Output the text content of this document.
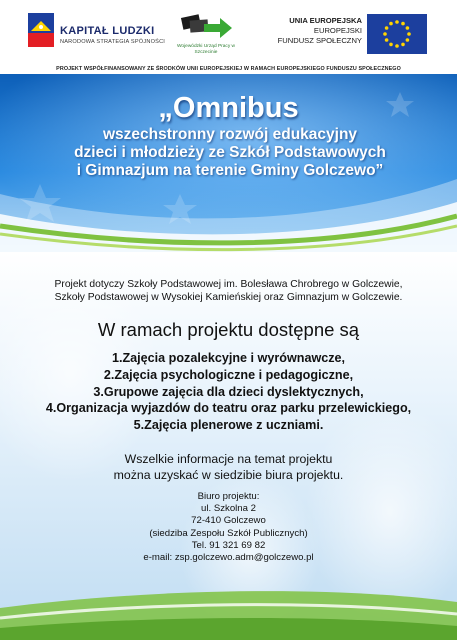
KAPITAŁ LUDZKI
NARODOWA STRATEGIA SPÓJNOŚCI
Wojewódzki Urząd Pracy w Szczecinie
UNIA EUROPEJSKA
EUROPEJSKI
FUNDUSZ SPOŁECZNY
PROJEKT WSPÓŁFINANSOWANY ZE ŚRODKÓW UNII EUROPEJSKIEJ W RAMACH EUROPEJSKIEGO FUNDUSZU SPOŁECZNEGO
„Omnibus
wszechstronny rozwój edukacyjny
dzieci i młodzieży ze Szkół Podstawowych
i Gimnazjum na terenie Gminy Golczewo”
Projekt dotyczy Szkoły Podstawowej im. Bolesława Chrobrego w Golczewie,
Szkoły Podstawowej w Wysokiej Kamieńskiej oraz Gimnazjum w Golczewie.
W ramach projektu dostępne są
1.Zajęcia pozalekcyjne i wyrównawcze,
2.Zajęcia psychologiczne i pedagogiczne,
3.Grupowe zajęcia dla dzieci dyslektycznych,
4.Organizacja wyjazdów do teatru oraz parku przelewickiego,
5.Zajęcia plenerowe z uczniami.
Wszelkie informacje na temat projektu
można uzyskać w siedzibie biura projektu.
Biuro projektu:
ul. Szkolna 2
72-410 Golczewo
(siedziba Zespołu Szkół Publicznych)
Tel. 91 321 69 82
e-mail: zsp.golczewo.adm@golczewo.pl
